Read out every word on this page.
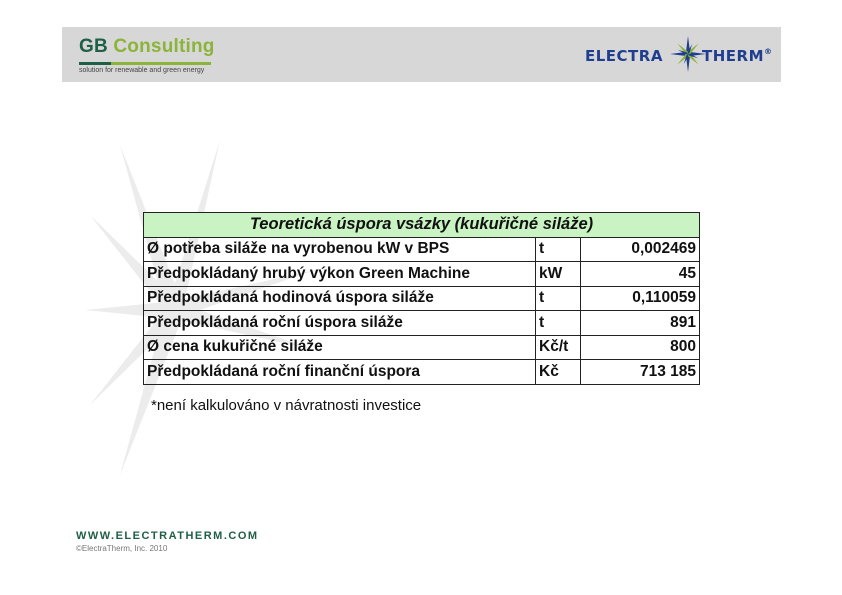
GB Consulting
solution for renewable and green energy
ELECTRA	THERM®
Teoretická úspora vsázky (kukuřičné siláže)		
Ø potřeba siláže na vyrobenou kW v BPS	t	0,002469
Předpokládaný hrubý výkon Green Machine	kW	45
Předpokládaná hodinová úspora siláže	t	0,110059
Předpokládaná roční úspora siláže	t	891
Ø cena kukuřičné siláže	Kč/t	800
Předpokládaná roční finanční úspora	Kč	713 185
*není kalkulováno v návratnosti investice
WWW.ELECTRATHERM.COM
©ElectraTherm, Inc. 2010
